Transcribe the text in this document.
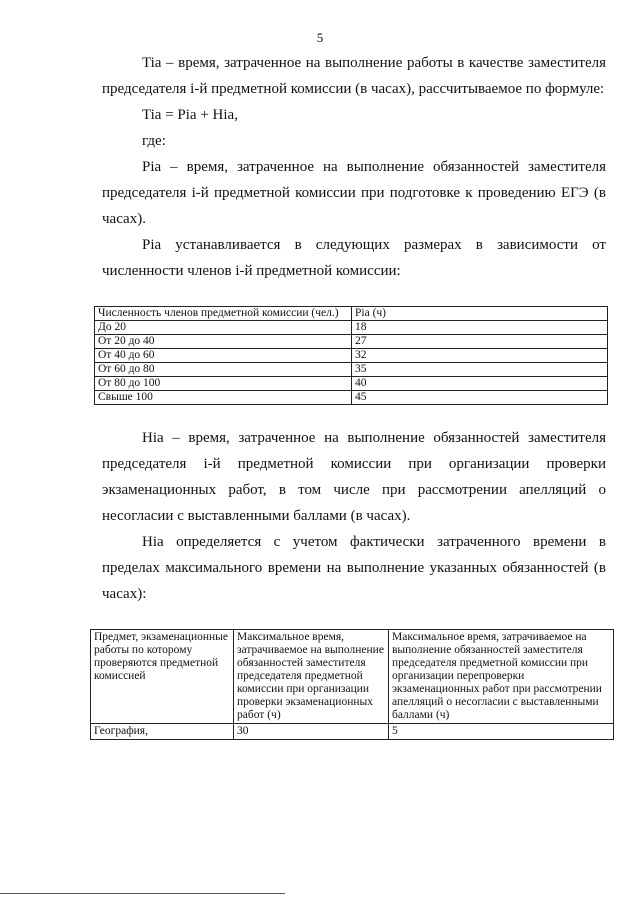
5

Tiа – время, затраченное на выполнение работы в качестве заместителя председателя i-й предметной комиссии (в часах), рассчитываемое по формуле:

Tiа = Piа + Hiа,

где:

Piа – время, затраченное на выполнение обязанностей заместителя председателя i-й предметной комиссии при подготовке к проведению ЕГЭ (в часах).

Piа устанавливается в следующих размерах в зависимости от численности членов i-й предметной комиссии:

Численность членов предметной комиссии (чел.)	Piа (ч)
До 20	18
От 20 до 40	27
От 40 до 60	32
От 60 до 80	35
От 80 до 100	40
Свыше 100	45

Hiа – время, затраченное на выполнение обязанностей заместителя председателя i-й предметной комиссии при организации проверки экзаменационных работ, в том числе при рассмотрении апелляций о несогласии с выставленными баллами (в часах).

Hiа определяется с учетом фактически затраченного времени в пределах максимального времени на выполнение указанных обязанностей (в часах):

Предмет, экзаменационные работы по которому проверяются предметной комиссией	Максимальное время, затрачиваемое на выполнение обязанностей заместителя председателя предметной комиссии при организации проверки экзаменационных работ (ч)	Максимальное время, затрачиваемое на выполнение обязанностей заместителя председателя предметной комиссии при организации перепроверки экзаменационных работ при рассмотрении апелляций о несогласии с выставленными баллами (ч)
География,	30	5
